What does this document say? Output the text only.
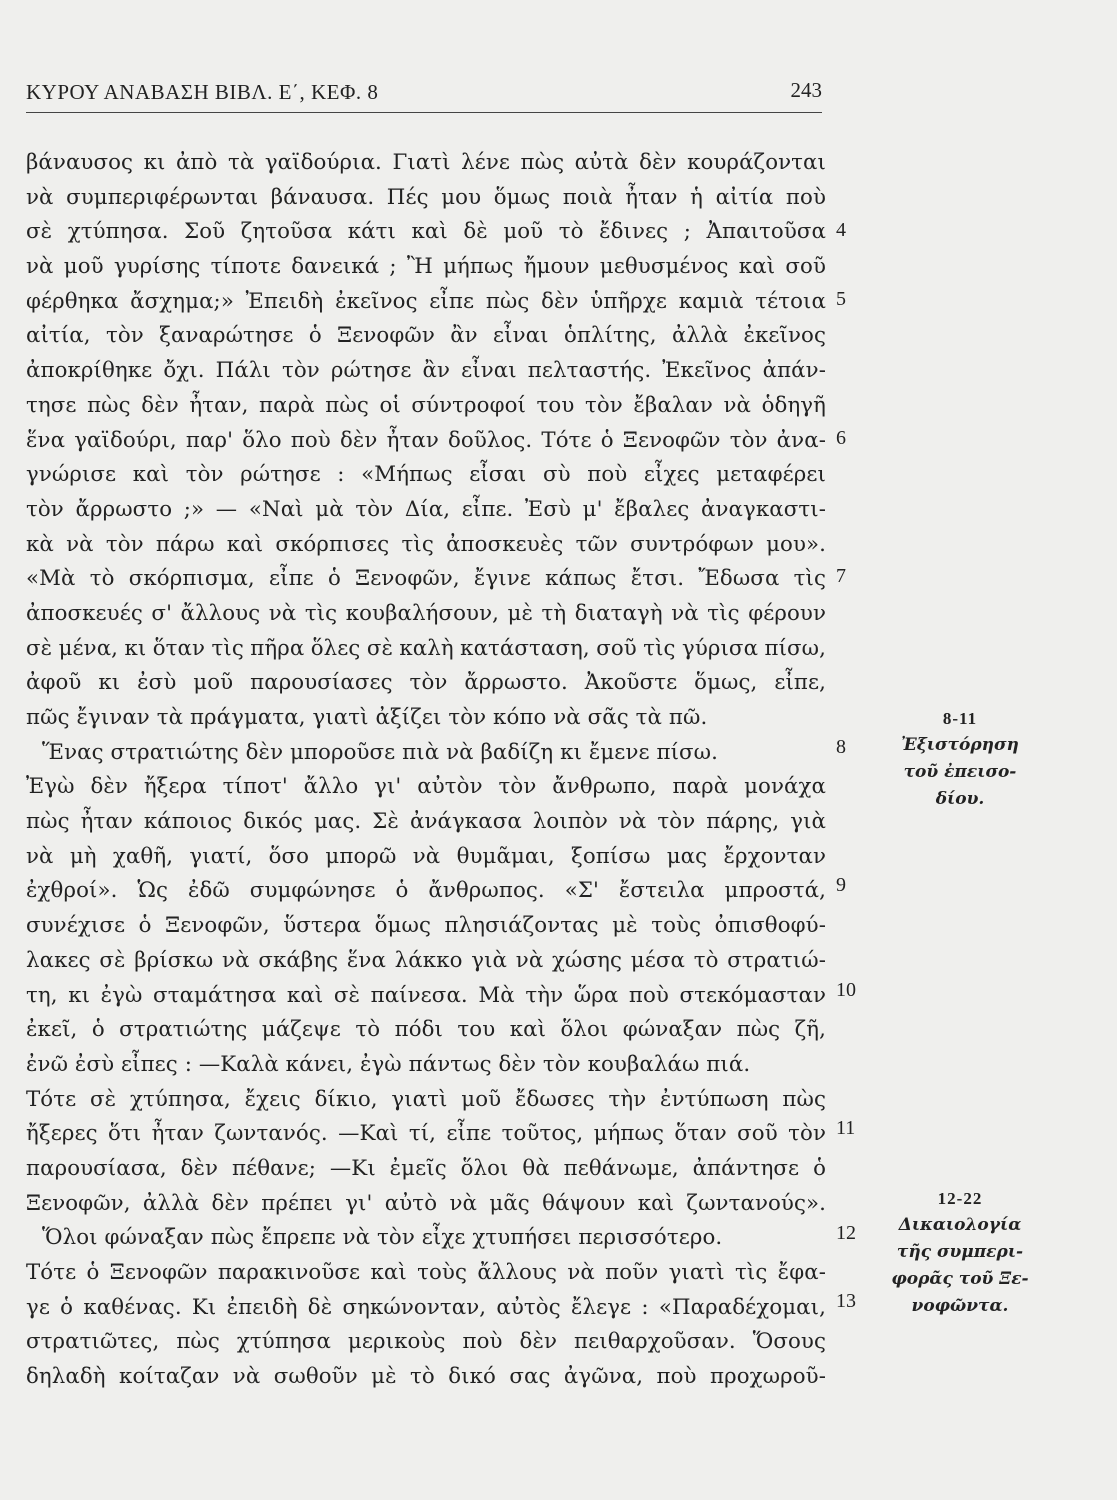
ΚΥΡΟΥ ΑΝΑΒΑΣΗ ΒΙΒΛ. Ε΄, ΚΕΦ. 8	243
βάναυσος κι ἀπὸ τὰ γαϊδούρια. Γιατὶ λένε πὼς αὐτὰ δὲν κουράζονται
νὰ συμπεριφέρωνται βάναυσα. Πές μου ὅμως ποιὰ ἦταν ἡ αἰτία ποὺ
σὲ χτύπησα. Σοῦ ζητοῦσα κάτι καὶ δὲ μοῦ τὸ ἔδινες ; Ἀπαιτοῦσα
νὰ μοῦ γυρίσης τίποτε δανεικά ; Ἢ μήπως ἤμουν μεθυσμένος καὶ σοῦ
φέρθηκα ἄσχημα;» Ἐπειδὴ ἐκεῖνος εἶπε πὼς δὲν ὑπῆρχε καμιὰ τέτοια
αἰτία, τὸν ξαναρώτησε ὁ Ξενοφῶν ἂν εἶναι ὁπλίτης, ἀλλὰ ἐκεῖνος
ἀποκρίθηκε ὄχι. Πάλι τὸν ρώτησε ἂν εἶναι πελταστής. Ἐκεῖνος ἀπάν-
τησε πὼς δὲν ἦταν, παρὰ πὼς οἱ σύντροφοί του τὸν ἔβαλαν νὰ ὁδηγῆ
ἕνα γαϊδούρι, παρ' ὅλο ποὺ δὲν ἦταν δοῦλος. Τότε ὁ Ξενοφῶν τὸν ἀνα-
γνώρισε καὶ τὸν ρώτησε : «Μήπως εἶσαι σὺ ποὺ εἶχες μεταφέρει
τὸν ἄρρωστο ;» — «Ναὶ μὰ τὸν Δία, εἶπε. Ἐσὺ μ' ἔβαλες ἀναγκαστι-
κὰ νὰ τὸν πάρω καὶ σκόρπισες τὶς ἀποσκευὲς τῶν συντρόφων μου».
«Μὰ τὸ σκόρπισμα, εἶπε ὁ Ξενοφῶν, ἔγινε κάπως ἔτσι. Ἔδωσα τὶς
ἀποσκευές σ' ἄλλους νὰ τὶς κουβαλήσουν, μὲ τὴ διαταγὴ νὰ τὶς φέρουν
σὲ μένα, κι ὅταν τὶς πῆρα ὅλες σὲ καλὴ κατάσταση, σοῦ τὶς γύρισα πίσω,
ἀφοῦ κι ἐσὺ μοῦ παρουσίασες τὸν ἄρρωστο. Ἀκοῦστε ὅμως, εἶπε,
πῶς ἔγιναν τὰ πράγματα, γιατὶ ἀξίζει τὸν κόπο νὰ σᾶς τὰ πῶ.
Ἕνας στρατιώτης δὲν μποροῦσε πιὰ νὰ βαδίζη κι ἔμενε πίσω.
Ἐγὼ δὲν ἤξερα τίποτ' ἄλλο γι' αὐτὸν τὸν ἄνθρωπο, παρὰ μονάχα
πὼς ἦταν κάποιος δικός μας. Σὲ ἀνάγκασα λοιπὸν νὰ τὸν πάρης, γιὰ
νὰ μὴ χαθῆ, γιατί, ὅσο μπορῶ νὰ θυμᾶμαι, ξοπίσω μας ἔρχονταν
ἐχθροί». Ὡς ἐδῶ συμφώνησε ὁ ἄνθρωπος. «Σ' ἔστειλα μπροστά,
συνέχισε ὁ Ξενοφῶν, ὕστερα ὅμως πλησιάζοντας μὲ τοὺς ὀπισθοφύ-
λακες σὲ βρίσκω νὰ σκάβης ἕνα λάκκο γιὰ νὰ χώσης μέσα τὸ στρατιώ-
τη, κι ἐγὼ σταμάτησα καὶ σὲ παίνεσα. Μὰ τὴν ὥρα ποὺ στεκόμασταν
ἐκεῖ, ὁ στρατιώτης μάζεψε τὸ πόδι του καὶ ὅλοι φώναξαν πὼς ζῆ,
ἐνῶ ἐσὺ εἶπες : —Καλὰ κάνει, ἐγὼ πάντως δὲν τὸν κουβαλάω πιά.
Τότε σὲ χτύπησα, ἔχεις δίκιο, γιατὶ μοῦ ἔδωσες τὴν ἐντύπωση πὼς
ἤξερες ὅτι ἦταν ζωντανός. —Καὶ τί, εἶπε τοῦτος, μήπως ὅταν σοῦ τὸν
παρουσίασα, δὲν πέθανε; —Κι ἐμεῖς ὅλοι θὰ πεθάνωμε, ἀπάντησε ὁ
Ξενοφῶν, ἀλλὰ δὲν πρέπει γι' αὐτὸ νὰ μᾶς θάψουν καὶ ζωντανούς».
Ὅλοι φώναξαν πὼς ἔπρεπε νὰ τὸν εἶχε χτυπήσει περισσότερο.
Τότε ὁ Ξενοφῶν παρακινοῦσε καὶ τοὺς ἄλλους νὰ ποῦν γιατὶ τὶς ἔφα-
γε ὁ καθένας. Κι ἐπειδὴ δὲ σηκώνονταν, αὐτὸς ἔλεγε : «Παραδέχομαι,
στρατιῶτες, πὼς χτύπησα μερικοὺς ποὺ δὲν πειθαρχοῦσαν. Ὅσους
δηλαδὴ κοίταζαν νὰ σωθοῦν μὲ τὸ δικό σας ἀγῶνα, ποὺ προχωροῦ-
4
5
6
7
8
9
10
11
12
13
8-11
Ἐξιστόρηση
τοῦ ἐπεισο-
δίου.
12-22
Δικαιολογία
τῆς συμπερι-
φορᾶς τοῦ Ξε-
νοφῶντα.
